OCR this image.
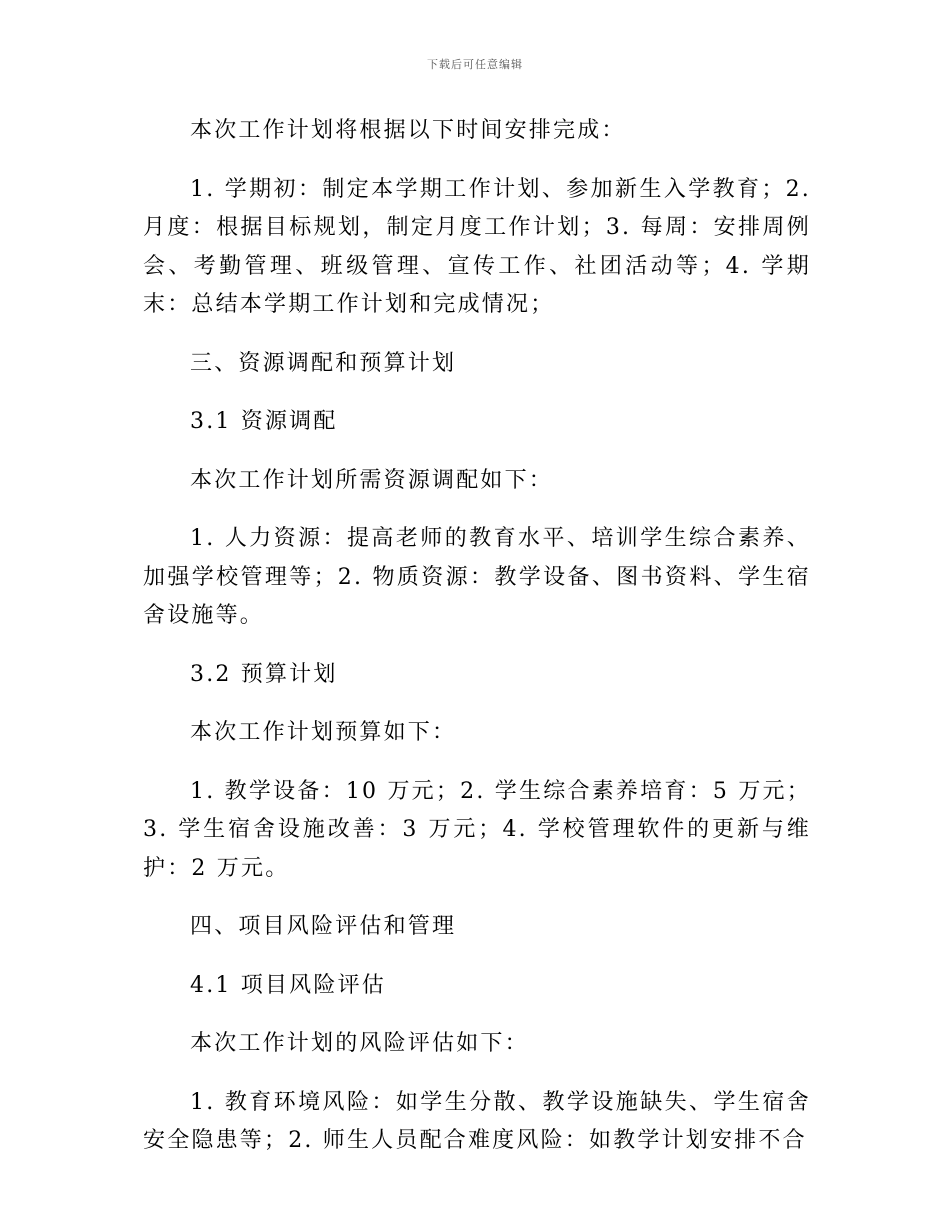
下载后可任意编辑

本次工作计划将根据以下时间安排完成：

1. 学期初：制定本学期工作计划、参加新生入学教育；2. 月度：根据目标规划，制定月度工作计划；3. 每周：安排周例会、考勤管理、班级管理、宣传工作、社团活动等；4. 学期末：总结本学期工作计划和完成情况；

三、资源调配和预算计划

3.1 资源调配

本次工作计划所需资源调配如下：

1. 人力资源：提高老师的教育水平、培训学生综合素养、加强学校管理等；2. 物质资源：教学设备、图书资料、学生宿舍设施等。

3.2 预算计划

本次工作计划预算如下：

1. 教学设备：10 万元；2. 学生综合素养培育：5 万元；3. 学生宿舍设施改善：3 万元；4. 学校管理软件的更新与维护：2 万元。

四、项目风险评估和管理

4.1 项目风险评估

本次工作计划的风险评估如下：

1. 教育环境风险：如学生分散、教学设施缺失、学生宿舍安全隐患等；2. 师生人员配合难度风险：如教学计划安排不合
